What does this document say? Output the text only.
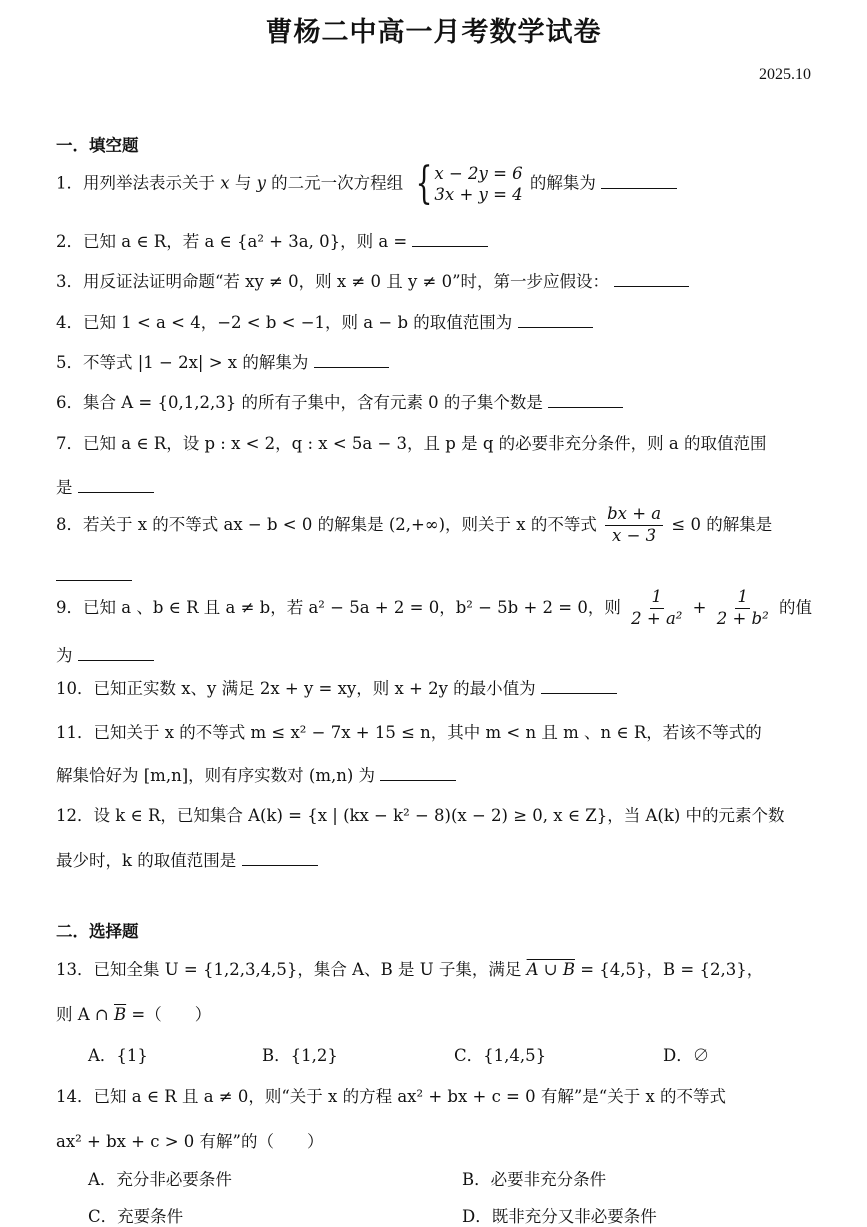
曹杨二中高一月考数学试卷
2025.10
一．填空题
1．用列举法表示关于 x 与 y 的二元一次方程组 { x − 2y = 6
3x + y = 4
的解集为
2．已知 a ∈ R，若 a ∈ {a² + 3a, 0}，则 a =
3．用反证法证明命题“若 xy ≠ 0，则 x ≠ 0 且 y ≠ 0”时，第一步应假设：
4．已知 1 < a < 4，−2 < b < −1，则 a − b 的取值范围为
5．不等式 |1 − 2x| > x 的解集为
6．集合 A = {0,1,2,3} 的所有子集中，含有元素 0 的子集个数是
7．已知 a ∈ R，设 p : x < 2，q : x < 5a − 3，且 p 是 q 的必要非充分条件，则 a 的取值范围
是
8．若关于 x 的不等式 ax − b < 0 的解集是 (2,+∞)，则关于 x 的不等式 $\frac{bx + a}{x - 3} \le 0$ 的解集是
9．已知 a 、b ∈ R 且 a ≠ b，若 a² − 5a + 2 = 0，b² − 5b + 2 = 0，则 $\frac{1}{\text{2 + a²}} + \frac{1}{\text{2 + b²}}$ 的值
为
10．已知正实数 x、y 满足 2x + y = xy，则 x + 2y 的最小值为
11．已知关于 x 的不等式 m ≤ x² − 7x + 15 ≤ n，其中 m < n 且 m 、n ∈ R，若该不等式的
解集恰好为 [m,n]，则有序实数对 (m,n) 为
12．设 k ∈ R，已知集合 A(k) = {x | (kx − k² − 8)(x − 2) ≥ 0, x ∈ Z}，当 A(k) 中的元素个数
最少时，k 的取值范围是
二．选择题
13．已知全集 U = {1,2,3,4,5}，集合 A、B 是 U 子集，满足 A ∪ B = {4,5}，B = {2,3}，
则 A ∩ $\overline{B}$ =（　　）
A．{1}	B．{1,2}	C．{1,4,5}	D．∅
14．已知 a ∈ R 且 a ≠ 0，则“关于 x 的方程 ax² + bx + c = 0 有解”是“关于 x 的不等式
ax² + bx + c > 0 有解”的（　　）
A．充分非必要条件	B．必要非充分条件
C．充要条件	D．既非充分又非必要条件
